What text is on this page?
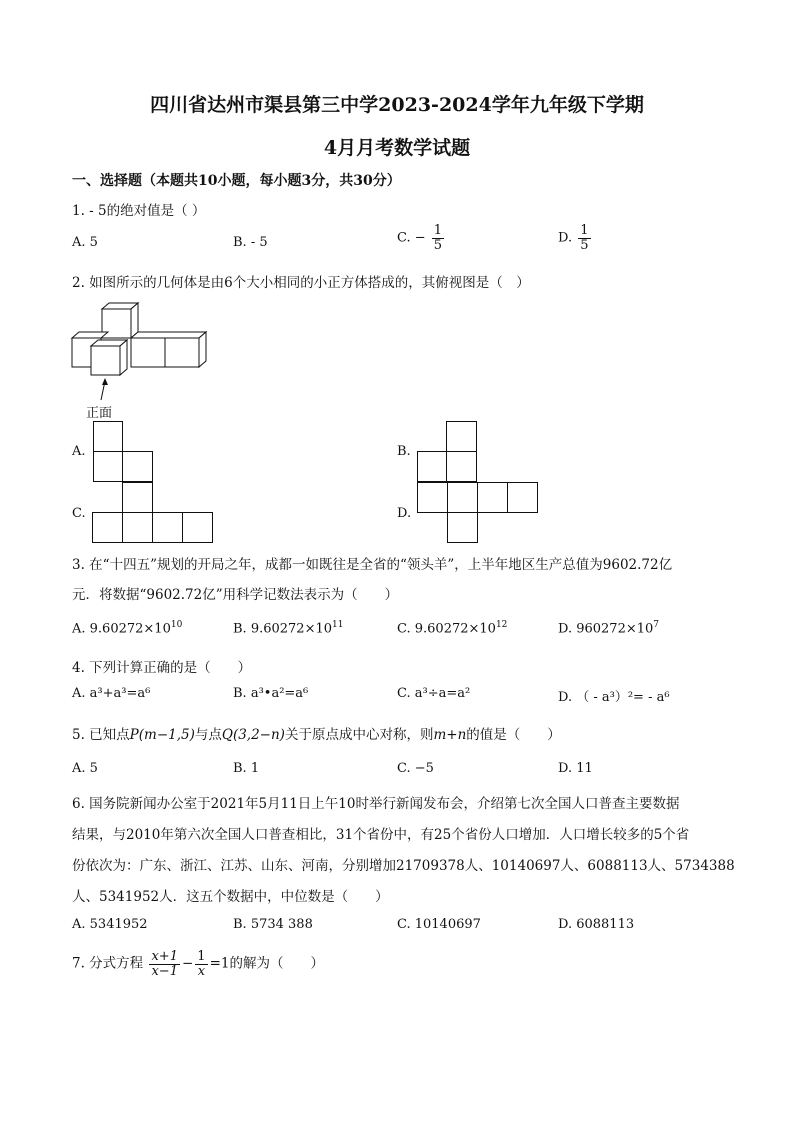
四川省达州市渠县第三中学2023-2024学年九年级下学期
4月月考数学试题
一、选择题（本题共10小题，每小题3分，共30分）
1. - 5的绝对值是（ ）
A. 5	B. - 5	C. − $\frac{1}{5}$	D. $\frac{1}{5}$
2. 如图所示的几何体是由6个大小相同的小正方体搭成的，其俯视图是（　）
正面
A.	B.
C.	D.
3. 在“十四五”规划的开局之年，成都一如既往是全省的“领头羊”，上半年地区生产总值为9602.72亿
元．将数据“9602.72亿”用科学记数法表示为（　　）
A. $9.60272\times 10^{10}$	B. $9.60272\times 10^{11}$	C. $9.60272\times 10^{12}$	D. $960272\times 10^7$
4. 下列计算正确的是（　　）
A. a³+a³=a⁶	B. a³•a²=a⁶	C. a³÷a=a²	D. （ - a³）²= - a⁶
5. 已知点P(m−1,5)与点Q(3,2−n)关于原点成中心对称，则m+n的值是（　　）
A. 5	B. 1	C. −5	D. 11
6. 国务院新闻办公室于2021年5月11日上午10时举行新闻发布会，介绍第七次全国人口普查主要数据
结果，与2010年第六次全国人口普查相比，31个省份中，有25个省份人口增加．人口增长较多的5个省
份依次为：广东、浙江、江苏、山东、河南，分别增加21709378人、10140697人、6088113人、5734388
人、5341952人．这五个数据中，中位数是（　　）
A. 5341952	B. 5734 388	C. 10140697	D. 6088113
7. 分式方程 $\frac{x+1}{x-1} - \frac{1}{x} =1$的解为（　　）
